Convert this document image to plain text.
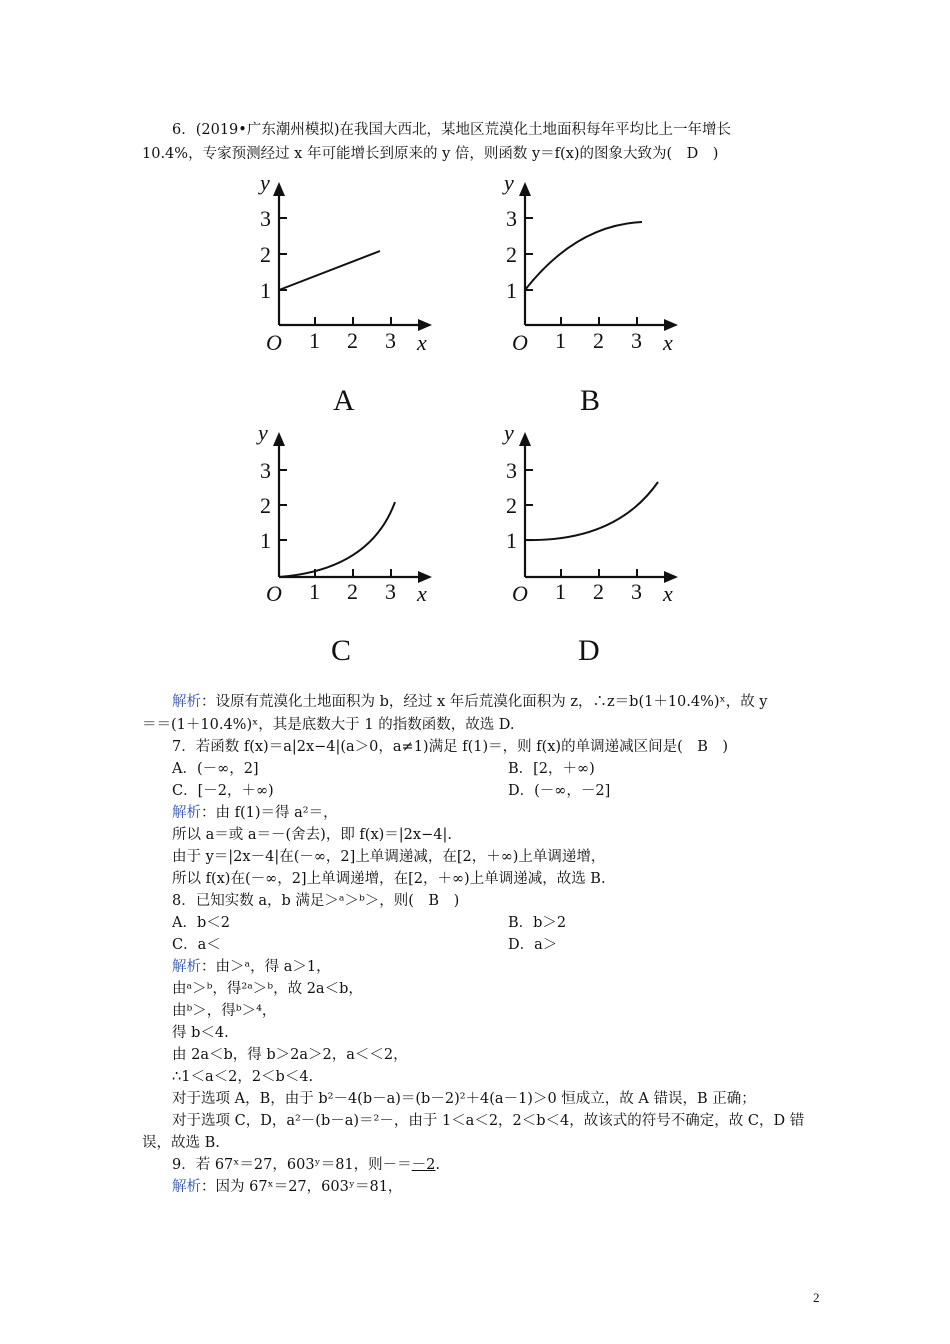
6．(2019•广东潮州模拟)在我国大西北，某地区荒漠化土地面积每年平均比上一年增长
10.4%，专家预测经过 x 年可能增长到原来的 y 倍，则函数 y＝f(x)的图象大致为(　D　)
y
3
2
1
O 1 2 3 x
A
y
3
2
1
O 1 2 3 x
B
y
3
2
1
O 1 2 3 x
C
y
3
2
1
O 1 2 3 x
D
解析：设原有荒漠化土地面积为 b，经过 x 年后荒漠化面积为 z，∴z＝b(1＋10.4%)ˣ，故 y
＝＝(1＋10.4%)ˣ，其是底数大于 1 的指数函数，故选 D.
7．若函数 f(x)＝a|2x−4|(a＞0，a≠1)满足 f(1)＝，则 f(x)的单调递减区间是(　B　)
A．(－∞，2]	B．[2，＋∞)
C．[－2，＋∞)	D．(－∞，－2]
解析：由 f(1)＝得 a²＝，
所以 a＝或 a＝－(舍去)，即 f(x)＝|2x−4|.
由于 y＝|2x－4|在(－∞，2]上单调递减，在[2，＋∞)上单调递增，
所以 f(x)在(－∞，2]上单调递增，在[2，＋∞)上单调递减，故选 B.
8．已知实数 a，b 满足＞ᵃ＞ᵇ＞，则(　B　)
A．b＜2	B．b＞2
C．a＜	D．a＞
解析：由＞ᵃ，得 a＞1，
由ᵃ＞ᵇ，得²ᵃ＞ᵇ，故 2a＜b，
由ᵇ＞，得ᵇ＞⁴，
得 b＜4.
由 2a＜b，得 b＞2a＞2，a＜＜2，
∴1＜a＜2，2＜b＜4.
对于选项 A，B，由于 b²－4(b－a)＝(b－2)²＋4(a－1)＞0 恒成立，故 A 错误，B 正确；
对于选项 C，D，a²－(b－a)＝²－，由于 1＜a＜2，2＜b＜4，故该式的符号不确定，故 C，D 错
误，故选 B.
9．若 67ˣ＝27，603ʸ＝81，则－＝－2.
解析：因为 67ˣ＝27，603ʸ＝81，
2
